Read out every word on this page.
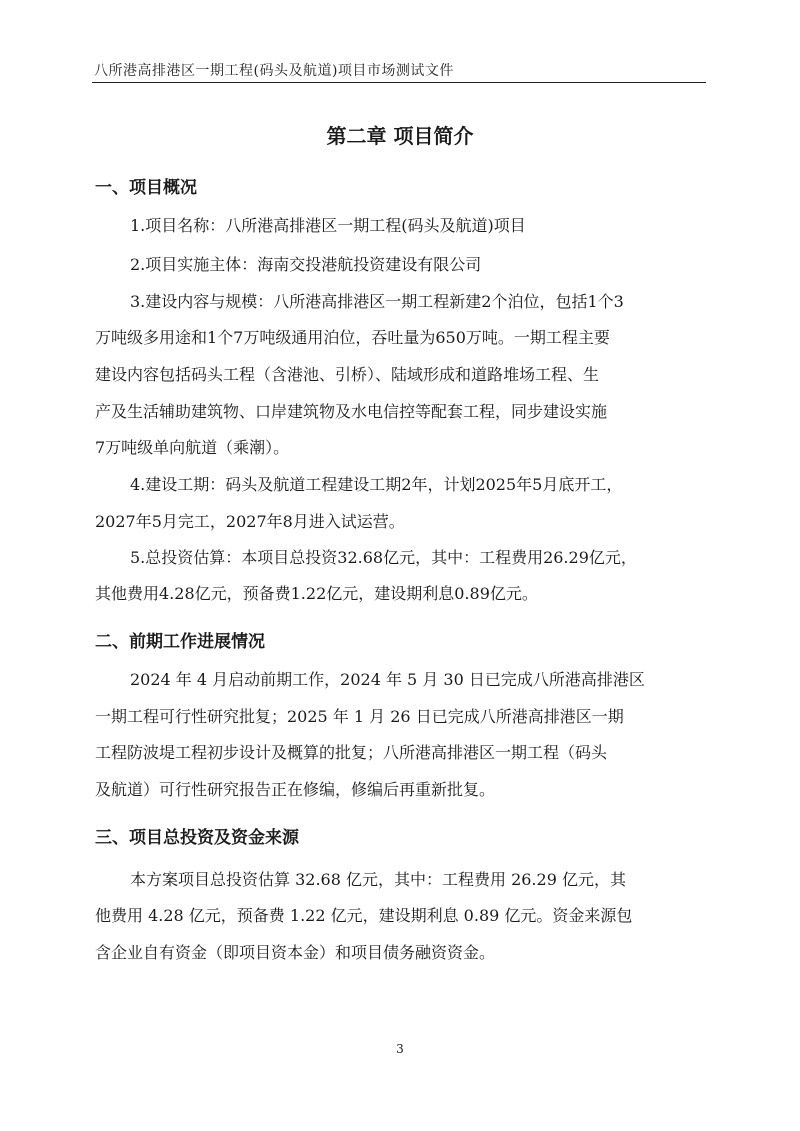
八所港高排港区一期工程(码头及航道)项目市场测试文件
第二章 项目简介
一、项目概况
1.项目名称：八所港高排港区一期工程(码头及航道)项目
2.项目实施主体：海南交投港航投资建设有限公司
3.建设内容与规模：八所港高排港区一期工程新建2个泊位，包括1个3
万吨级多用途和1个7万吨级通用泊位，吞吐量为650万吨。一期工程主要
建设内容包括码头工程（含港池、引桥）、陆域形成和道路堆场工程、生
产及生活辅助建筑物、口岸建筑物及水电信控等配套工程，同步建设实施
7万吨级单向航道（乘潮）。
4.建设工期：码头及航道工程建设工期2年，计划2025年5月底开工，
2027年5月完工，2027年8月进入试运营。
5.总投资估算：本项目总投资32.68亿元，其中：工程费用26.29亿元，
其他费用4.28亿元，预备费1.22亿元，建设期利息0.89亿元。
二、前期工作进展情况
2024 年 4 月启动前期工作，2024 年 5 月 30 日已完成八所港高排港区
一期工程可行性研究批复；2025 年 1 月 26 日已完成八所港高排港区一期
工程防波堤工程初步设计及概算的批复；八所港高排港区一期工程（码头
及航道）可行性研究报告正在修编，修编后再重新批复。
三、项目总投资及资金来源
本方案项目总投资估算 32.68 亿元，其中：工程费用 26.29 亿元，其
他费用 4.28 亿元，预备费 1.22 亿元，建设期利息 0.89 亿元。资金来源包
含企业自有资金（即项目资本金）和项目债务融资资金。
3
